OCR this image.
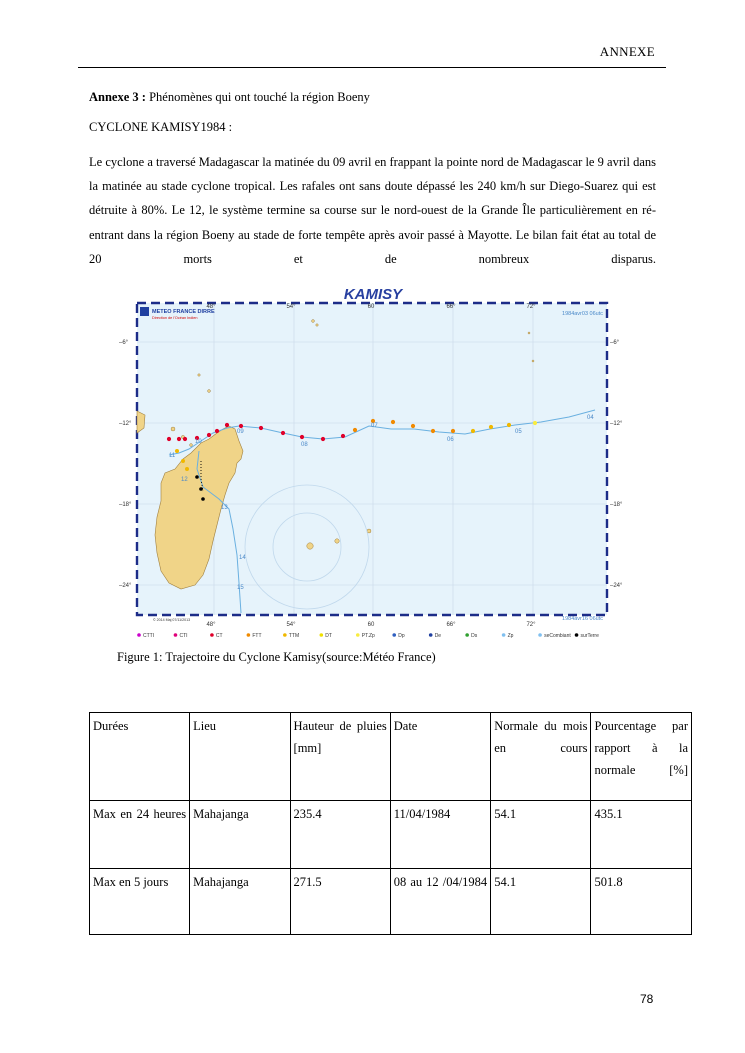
ANNEXE
Annexe 3 : Phénomènes qui ont touché la région Boeny
CYCLONE KAMISY1984 :
Le cyclone a traversé Madagascar la matinée du 09 avril en frappant la pointe nord de Madagascar le 9 avril dans la matinée au stade cyclone tropical. Les rafales ont sans doute dépassé les 240 km/h sur Diego-Suarez qui est détruite à 80%. Le 12, le système termine sa course sur le nord-ouest de la Grande Île particulièrement en ré-entrant dans la région Boeny au stade de forte tempête après avoir passé à Mayotte. Le bilan fait état au total de 20 morts et de nombreux disparus.
04
05
06
07
08
09
10
11
12
13
14
15
KAMISY
METEO FRANCE DIRRE
Direction de l'Océan Indien
1984avr03 06utc
1984avr16 06utc
© 2014 Maj 07/11/2013
48°	54°	60	66°	72°
48°	54°	60	66°	72°
–6°
–12°
–18°
–24°
–6°
–12°
–18°
–24°
CTTI	CTI	CT	FTT	TTM	DT	PT.Zp	Dp	De	Ds	Zp	seCombiant surTerre
Figure 1: Trajectoire du Cyclone Kamisy(source:Météo France)
Durées	Lieu	Hauteur de pluies [mm]	Date	Normale du mois en cours	Pourcentage par rapport à la normale [%]
Max en 24 heures	Mahajanga	235.4	11/04/1984	54.1	435.1
Max en 5 jours	Mahajanga	271.5	08 au 12 /04/1984	54.1	501.8
78
